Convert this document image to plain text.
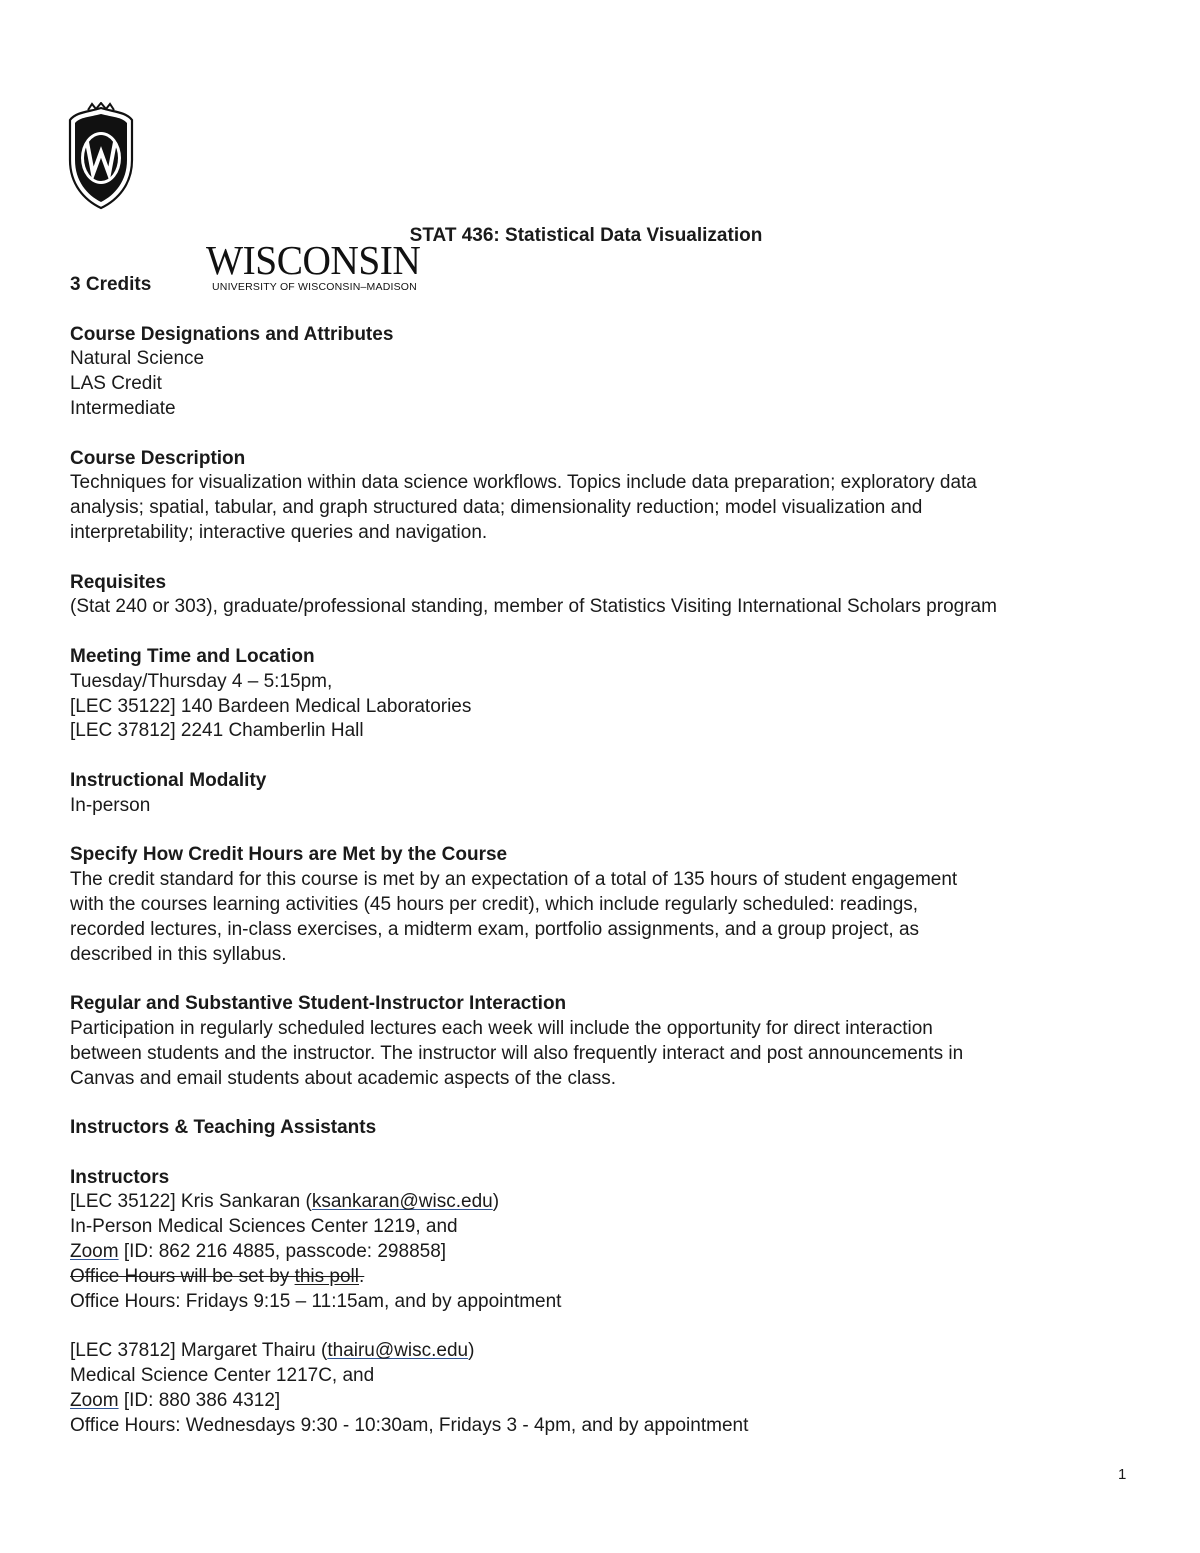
WISCONSIN
UNIVERSITY OF WISCONSIN–MADISON
STAT 436: Statistical Data Visualization
3 Credits
Course Designations and Attributes
Natural Science
LAS Credit
Intermediate
Course Description
Techniques for visualization within data science workflows. Topics include data preparation; exploratory data
analysis; spatial, tabular, and graph structured data; dimensionality reduction; model visualization and
interpretability; interactive queries and navigation.
Requisites
(Stat 240 or 303), graduate/professional standing, member of Statistics Visiting International Scholars program
Meeting Time and Location
Tuesday/Thursday 4 – 5:15pm,
[LEC 35122] 140 Bardeen Medical Laboratories
[LEC 37812] 2241 Chamberlin Hall
Instructional Modality
In-person
Specify How Credit Hours are Met by the Course
The credit standard for this course is met by an expectation of a total of 135 hours of student engagement
with the courses learning activities (45 hours per credit), which include regularly scheduled: readings,
recorded lectures, in-class exercises, a midterm exam, portfolio assignments, and a group project, as
described in this syllabus.
Regular and Substantive Student-Instructor Interaction
Participation in regularly scheduled lectures each week will include the opportunity for direct interaction
between students and the instructor. The instructor will also frequently interact and post announcements in
Canvas and email students about academic aspects of the class.
Instructors & Teaching Assistants
Instructors
[LEC 35122] Kris Sankaran (ksankaran@wisc.edu)
In-Person Medical Sciences Center 1219, and
Zoom [ID: 862 216 4885, passcode: 298858]
Office Hours will be set by this poll.
Office Hours: Fridays 9:15 – 11:15am, and by appointment
[LEC 37812] Margaret Thairu (thairu@wisc.edu)
Medical Science Center 1217C, and
Zoom [ID: 880 386 4312]
Office Hours: Wednesdays 9:30 - 10:30am, Fridays 3 - 4pm, and by appointment
1
